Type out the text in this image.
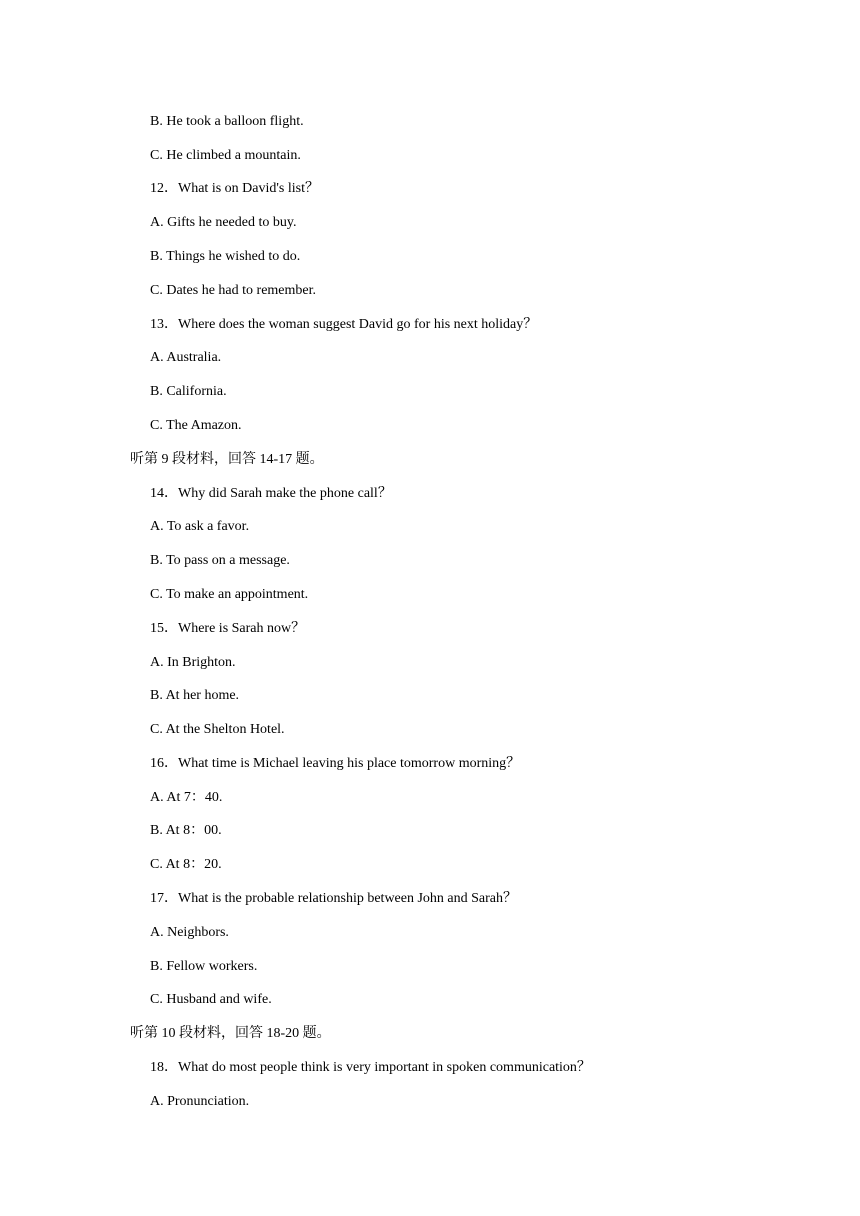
B. He took a balloon flight.
C. He climbed a mountain.
12．What is on David's list？
A. Gifts he needed to buy.
B. Things he wished to do.
C. Dates he had to remember.
13．Where does the woman suggest David go for his next holiday？
A. Australia.
B. California.
C. The Amazon.
听第 9 段材料，回答 14-17 题。
14．Why did Sarah make the phone call？
A. To ask a favor.
B. To pass on a message.
C. To make an appointment.
15．Where is Sarah now？
A. In Brighton.
B. At her home.
C. At the Shelton Hotel.
16．What time is Michael leaving his place tomorrow morning？
A. At 7：40.
B. At 8：00.
C. At 8：20.
17．What is the probable relationship between John and Sarah？
A. Neighbors.
B. Fellow workers.
C. Husband and wife.
听第 10 段材料，回答 18-20 题。
18．What do most people think is very important in spoken communication？
A. Pronunciation.
